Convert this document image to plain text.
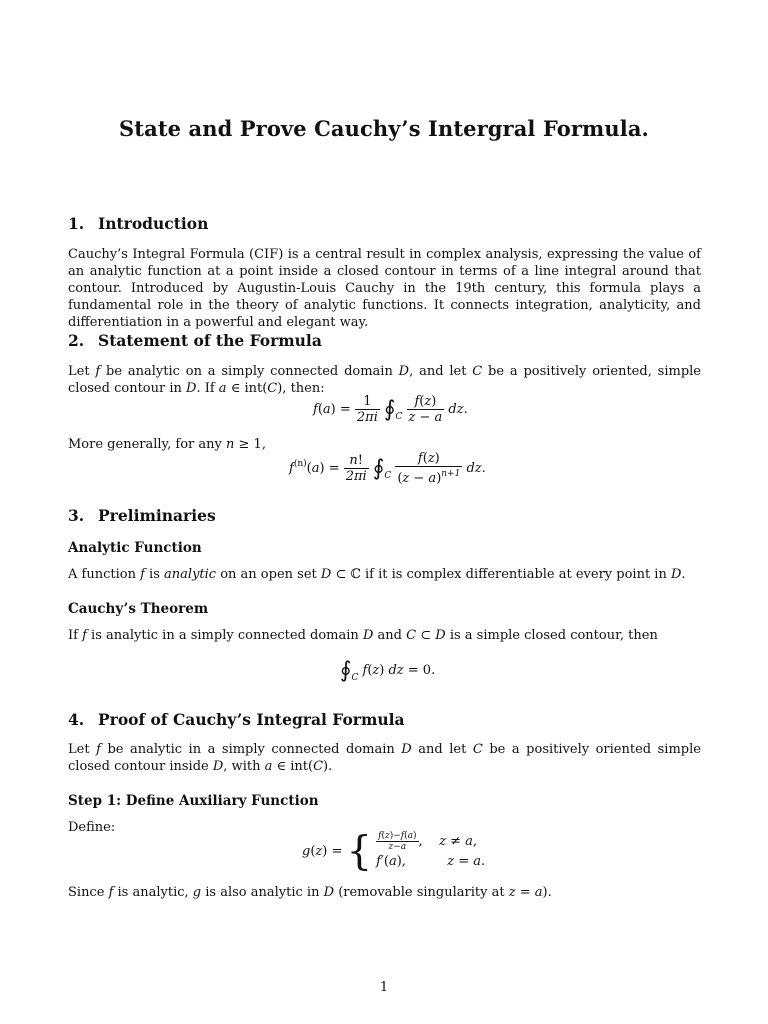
State and Prove Cauchy’s Intergral Formula.
1. Introduction

Cauchy’s Integral Formula (CIF) is a central result in complex analysis, expressing the value of an analytic function at a point inside a closed contour in terms of a line integral around that contour. Introduced by Augustin-Louis Cauchy in the 19th century, this formula plays a fundamental role in the theory of analytic functions. It connects integration, analyticity, and differentiation in a powerful and elegant way.

2. Statement of the Formula

Let f be analytic on a simply connected domain D, and let C be a positively oriented, simple closed contour in D. If a ∈ int(C), then:

$f(a) = \frac{1}{2\pi i}$ $∮_C \frac{f(z)}{z - a}$ dz.

More generally, for any n ≥ 1,

$f^{(n)}(a) = \frac{n!}{2\pi i}$ $∮_C \frac{f(z)}{(z - a)^{n+1}}$ dz.
3. Preliminaries
Analytic Function

A function f is analytic on an open set D ⊂ ℂ if it is complex differentiable at every point in D.

Cauchy’s Theorem

If f is analytic in a simply connected domain D and C ⊂ D is a simple closed contour, then

$∮_C$ f(z) dz = 0.
4. Proof of Cauchy’s Integral Formula

Let f be analytic in a simply connected domain D and let C be a positively oriented simple closed contour inside D, with a ∈ int(C).

Step 1: Define Auxiliary Function

Define:

g(z) = { $\frac{f(z)-f(a)}{z-a}$ ,    z ≠ a,
f′(a),          z = a.

Since f is analytic, g is also analytic in D (removable singularity at z = a).

1
